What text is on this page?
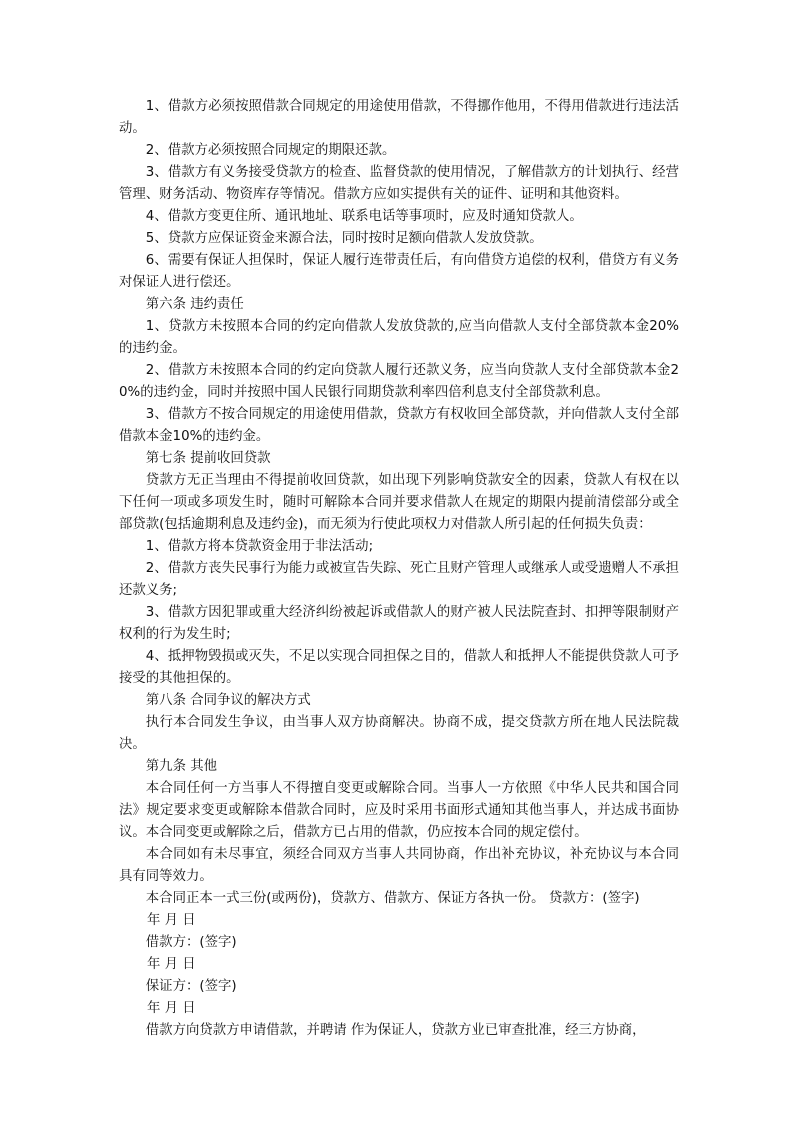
1、借款方必须按照借款合同规定的用途使用借款，不得挪作他用，不得用借款进行违法活动。

2、借款方必须按照合同规定的期限还款。

3、借款方有义务接受贷款方的检查、监督贷款的使用情况，了解借款方的计划执行、经营管理、财务活动、物资库存等情况。借款方应如实提供有关的证件、证明和其他资料。

4、借款方变更住所、通讯地址、联系电话等事项时，应及时通知贷款人。

5、贷款方应保证资金来源合法，同时按时足额向借款人发放贷款。

6、需要有保证人担保时，保证人履行连带责任后，有向借贷方追偿的权利，借贷方有义务对保证人进行偿还。

第六条 违约责任

1、贷款方未按照本合同的约定向借款人发放贷款的,应当向借款人支付全部贷款本金20%的违约金。

2、借款方未按照本合同的约定向贷款人履行还款义务，应当向贷款人支付全部贷款本金20%的违约金，同时并按照中国人民银行同期贷款利率四倍利息支付全部贷款利息。

3、借款方不按合同规定的用途使用借款，贷款方有权收回全部贷款，并向借款人支付全部借款本金10%的违约金。

第七条 提前收回贷款

贷款方无正当理由不得提前收回贷款，如出现下列影响贷款安全的因素，贷款人有权在以下任何一项或多项发生时，随时可解除本合同并要求借款人在规定的期限内提前清偿部分或全部贷款(包括逾期利息及违约金)，而无须为行使此项权力对借款人所引起的任何损失负责：

1、借款方将本贷款资金用于非法活动;

2、借款方丧失民事行为能力或被宣告失踪、死亡且财产管理人或继承人或受遗赠人不承担还款义务;

3、借款方因犯罪或重大经济纠纷被起诉或借款人的财产被人民法院查封、扣押等限制财产权利的行为发生时;

4、抵押物毁损或灭失，不足以实现合同担保之目的，借款人和抵押人不能提供贷款人可予接受的其他担保的。

第八条 合同争议的解决方式

执行本合同发生争议，由当事人双方协商解决。协商不成，提交贷款方所在地人民法院裁决。

第九条 其他

本合同任何一方当事人不得擅自变更或解除合同。当事人一方依照《中华人民共和国合同法》规定要求变更或解除本借款合同时，应及时采用书面形式通知其他当事人，并达成书面协议。本合同变更或解除之后，借款方已占用的借款，仍应按本合同的规定偿付。

本合同如有未尽事宜，须经合同双方当事人共同协商，作出补充协议，补充协议与本合同具有同等效力。

本合同正本一式三份(或两份)，贷款方、借款方、保证方各执一份。 贷款方：(签字)

年 月 日

借款方：(签字)

年 月 日

保证方：(签字)

年 月 日

借款方向贷款方申请借款，并聘请 作为保证人，贷款方业已审查批准，经三方协商，
